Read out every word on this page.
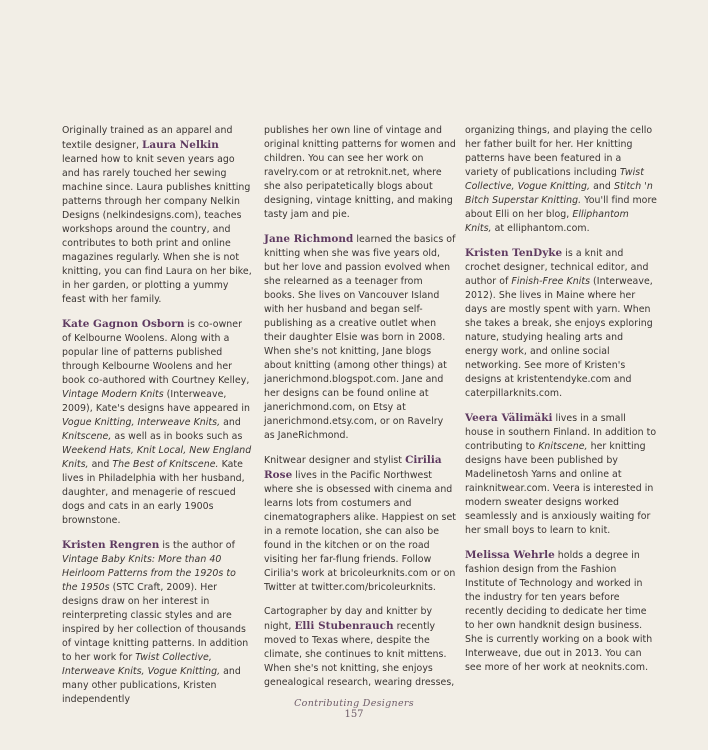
Originally trained as an apparel and textile designer, Laura Nelkin learned how to knit seven years ago and has rarely touched her sewing machine since. Laura publishes knitting patterns through her company Nelkin Designs (nelkindesigns.com), teaches workshops around the country, and contributes to both print and online magazines regularly. When she is not knitting, you can find Laura on her bike, in her garden, or plotting a yummy feast with her family.

Kate Gagnon Osborn is co-owner of Kelbourne Woolens. Along with a popular line of patterns published through Kelbourne Woolens and her book co-authored with Courtney Kelley, Vintage Modern Knits (Interweave, 2009), Kate's designs have appeared in Vogue Knitting, Interweave Knits, and Knitscene, as well as in books such as Weekend Hats, Knit Local, New England Knits, and The Best of Knitscene. Kate lives in Philadelphia with her husband, daughter, and menagerie of rescued dogs and cats in an early 1900s brownstone.

Kristen Rengren is the author of Vintage Baby Knits: More than 40 Heirloom Patterns from the 1920s to the 1950s (STC Craft, 2009). Her designs draw on her interest in reinterpreting classic styles and are inspired by her collection of thousands of vintage knitting patterns. In addition to her work for Twist Collective, Interweave Knits, Vogue Knitting, and many other publications, Kristen independently

publishes her own line of vintage and original knitting patterns for women and children. You can see her work on ravelry.com or at retroknit.net, where she also peripatetically blogs about designing, vintage knitting, and making tasty jam and pie.

Jane Richmond learned the basics of knitting when she was five years old, but her love and passion evolved when she relearned as a teenager from books. She lives on Vancouver Island with her husband and began self-publishing as a creative outlet when their daughter Elsie was born in 2008. When she's not knitting, Jane blogs about knitting (among other things) at janerichmond.blogspot.com. Jane and her designs can be found online at janerichmond.com, on Etsy at janerichmond.etsy.com, or on Ravelry as JaneRichmond.

Knitwear designer and stylist Cirilia Rose lives in the Pacific Northwest where she is obsessed with cinema and learns lots from costumers and cinematographers alike. Happiest on set in a remote location, she can also be found in the kitchen or on the road visiting her far-flung friends. Follow Cirilia's work at bricoleurknits.com or on Twitter at twitter.com/bricoleurknits.

Cartographer by day and knitter by night, Elli Stubenrauch recently moved to Texas where, despite the climate, she continues to knit mittens. When she's not knitting, she enjoys genealogical research, wearing dresses,

organizing things, and playing the cello her father built for her. Her knitting patterns have been featured in a variety of publications including Twist Collective, Vogue Knitting, and Stitch 'n Bitch Superstar Knitting. You'll find more about Elli on her blog, Elliphantom Knits, at elliphantom.com.

Kristen TenDyke is a knit and crochet designer, technical editor, and author of Finish-Free Knits (Interweave, 2012). She lives in Maine where her days are mostly spent with yarn. When she takes a break, she enjoys exploring nature, studying healing arts and energy work, and online social networking. See more of Kristen's designs at kristentendyke.com and caterpillarknits.com.

Veera Välimäki lives in a small house in southern Finland. In addition to contributing to Knitscene, her knitting designs have been published by Madelinetosh Yarns and online at rainknitwear.com. Veera is interested in modern sweater designs worked seamlessly and is anxiously waiting for her small boys to learn to knit.

Melissa Wehrle holds a degree in fashion design from the Fashion Institute of Technology and worked in the industry for ten years before recently deciding to dedicate her time to her own handknit design business. She is currently working on a book with Interweave, due out in 2013. You can see more of her work at neoknits.com.

Contributing Designers
157
